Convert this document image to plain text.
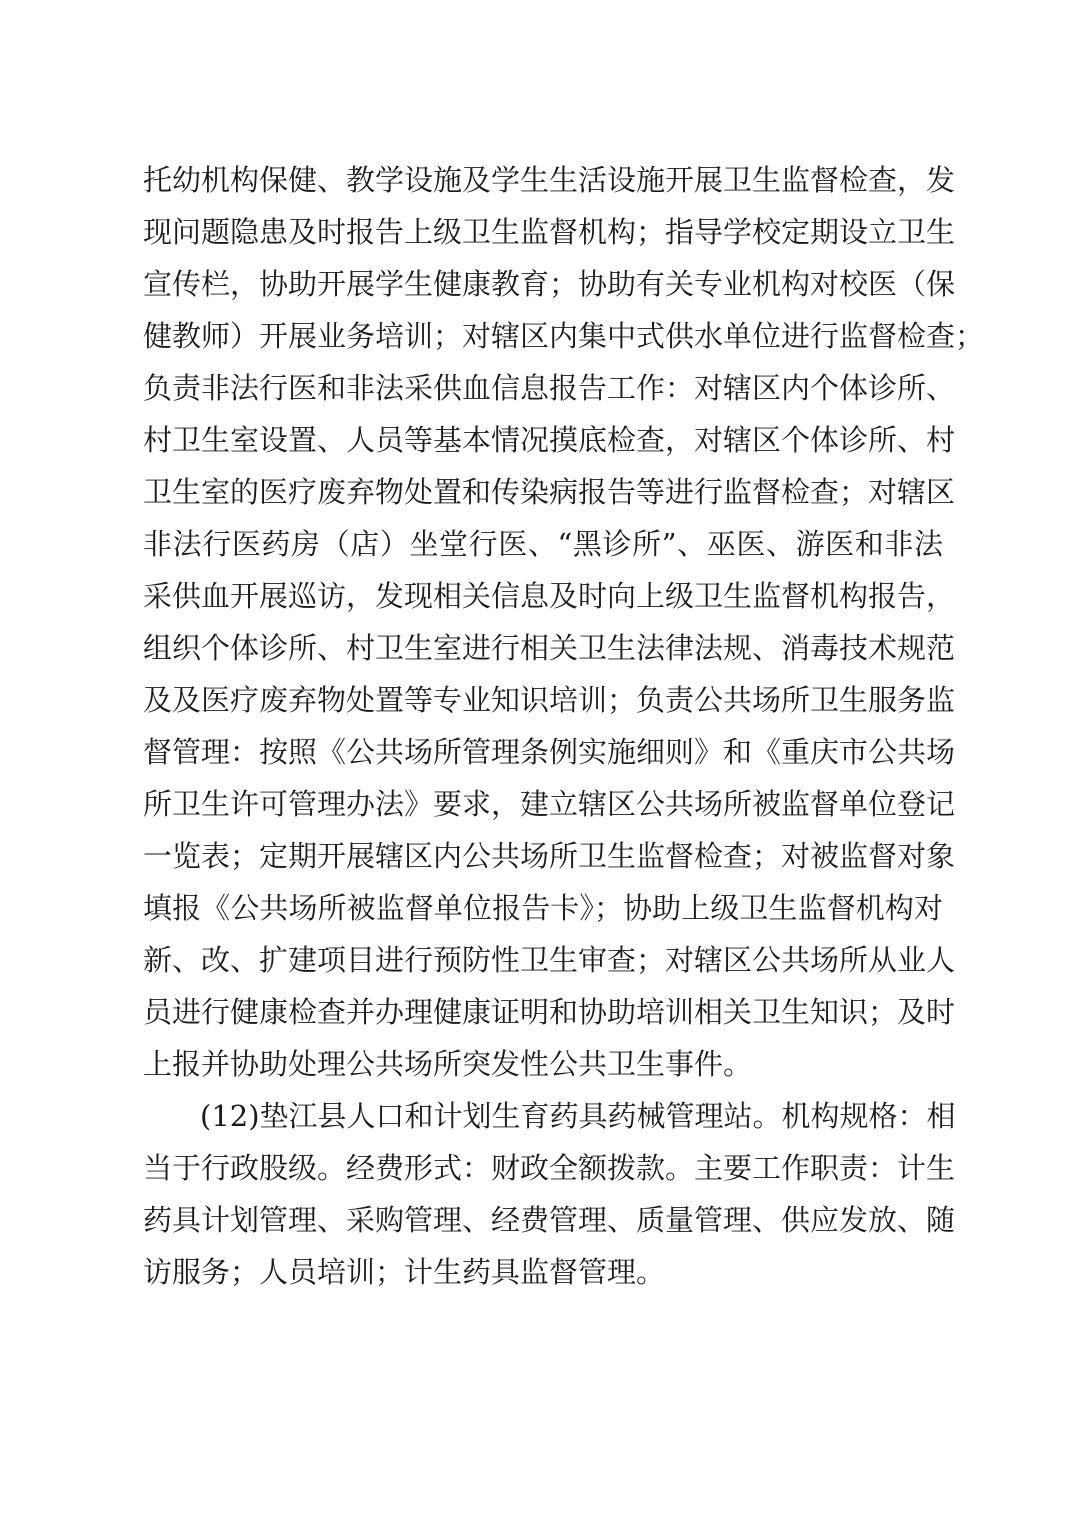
托幼机构保健、教学设施及学生生活设施开展卫生监督检查，发

现问题隐患及时报告上级卫生监督机构；指导学校定期设立卫生

宣传栏，协助开展学生健康教育；协助有关专业机构对校医（保

健教师）开展业务培训；对辖区内集中式供水单位进行监督检查；

负责非法行医和非法采供血信息报告工作：对辖区内个体诊所、

村卫生室设置、人员等基本情况摸底检查，对辖区个体诊所、村

卫生室的医疗废弃物处置和传染病报告等进行监督检查；对辖区

非法行医药房（店）坐堂行医、“黑诊所”、巫医、游医和非法

采供血开展巡访，发现相关信息及时向上级卫生监督机构报告，

组织个体诊所、村卫生室进行相关卫生法律法规、消毒技术规范

及及医疗废弃物处置等专业知识培训；负责公共场所卫生服务监

督管理：按照《公共场所管理条例实施细则》和《重庆市公共场

所卫生许可管理办法》要求，建立辖区公共场所被监督单位登记

一览表；定期开展辖区内公共场所卫生监督检查；对被监督对象

填报《公共场所被监督单位报告卡》；协助上级卫生监督机构对

新、改、扩建项目进行预防性卫生审查；对辖区公共场所从业人

员进行健康检查并办理健康证明和协助培训相关卫生知识；及时

上报并协助处理公共场所突发性公共卫生事件。

(12)垫江县人口和计划生育药具药械管理站。机构规格：相

当于行政股级。经费形式：财政全额拨款。主要工作职责：计生

药具计划管理、采购管理、经费管理、质量管理、供应发放、随

访服务；人员培训；计生药具监督管理。
